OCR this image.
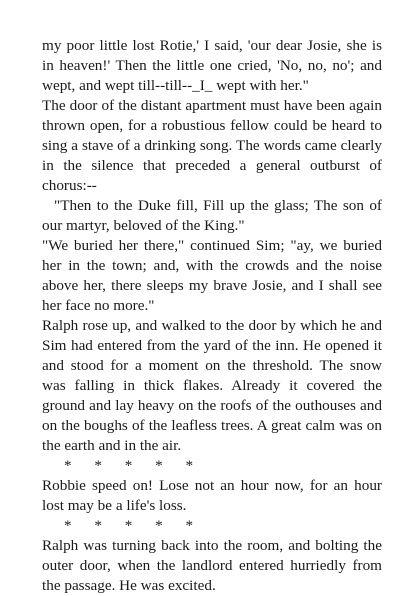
my poor little lost Rotie,' I said, 'our dear Josie, she is in heaven!' Then the little one cried, 'No, no, no'; and wept, and wept till--till--_I_ wept with her."

The door of the distant apartment must have been again thrown open, for a robustious fellow could be heard to sing a stave of a drinking song. The words came clearly in the silence that preceded a general outburst of chorus:--

"Then to the Duke fill, Fill up the glass; The son of our martyr, beloved of the King."

"We buried her there," continued Sim; "ay, we buried her in the town; and, with the crowds and the noise above her, there sleeps my brave Josie, and I shall see her face no more."

Ralph rose up, and walked to the door by which he and Sim had entered from the yard of the inn. He opened it and stood for a moment on the threshold. The snow was falling in thick flakes. Already it covered the ground and lay heavy on the roofs of the outhouses and on the boughs of the leafless trees. A great calm was on the earth and in the air.

*      *      *      *      *

Robbie speed on! Lose not an hour now, for an hour lost may be a life's loss.

*      *      *      *      *

Ralph was turning back into the room, and bolting the outer door, when the landlord entered hurriedly from the passage. He was excited.
